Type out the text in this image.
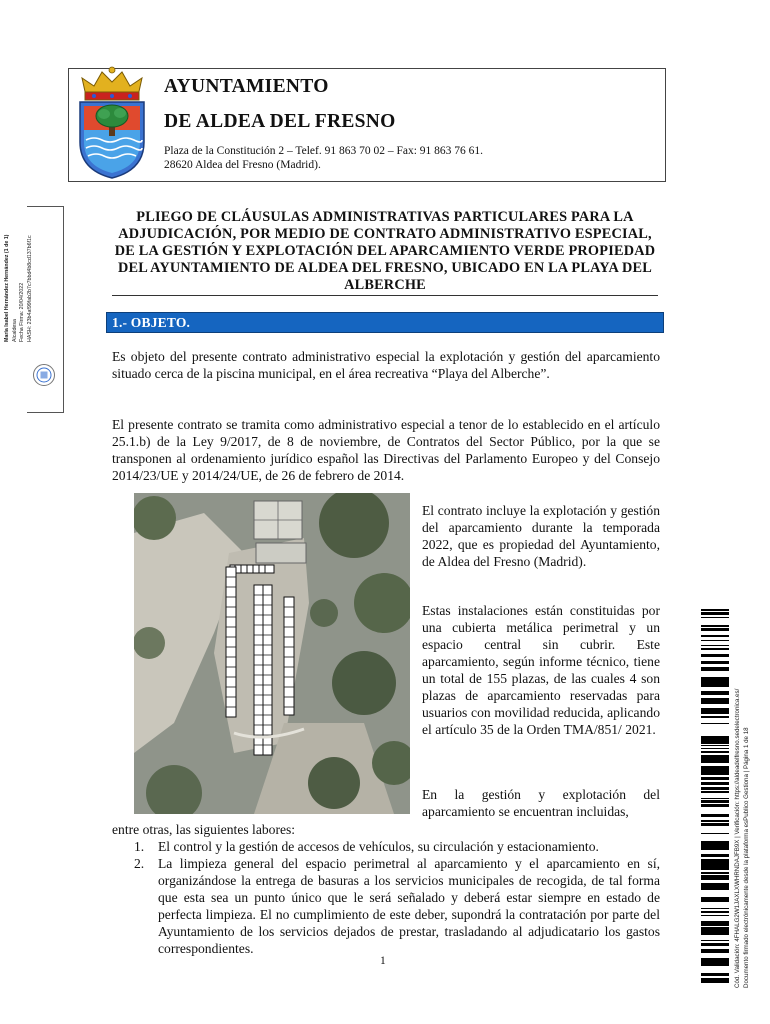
AYUNTAMIENTO
DE ALDEA DEL FRESNO
Plaza de la Constitución 2 – Telef. 91 863 70 02 – Fax: 91 863 76 61.
28620 Aldea del Fresno (Madrid).
María Isabel Hernández Hernández (1 de 1) Alcaldesa Fecha Firma: 20/04/2022 HASH: 23b4af99fab2b7c7bbd4b8cd137b6f1c
PLIEGO DE CLÁUSULAS ADMINISTRATIVAS PARTICULARES PARA LA ADJUDICACIÓN, POR MEDIO DE CONTRATO ADMINISTRATIVO ESPECIAL, DE LA GESTIÓN Y EXPLOTACIÓN DEL APARCAMIENTO VERDE PROPIEDAD DEL AYUNTAMIENTO DE ALDEA DEL FRESNO, UBICADO EN LA PLAYA DEL ALBERCHE
1.- OBJETO.
Es objeto del presente contrato administrativo especial la explotación y gestión del aparcamiento situado cerca de la piscina municipal, en el área recreativa “Playa del Alberche”.
El presente contrato se tramita como administrativo especial a tenor de lo establecido en el artículo 25.1.b) de la Ley 9/2017, de 8 de noviembre, de Contratos del Sector Público, por la que se transponen al ordenamiento jurídico español las Directivas del Parlamento Europeo y del Consejo 2014/23/UE y 2014/24/UE, de 26 de febrero de 2014.
El contrato incluye la explotación y gestión del aparcamiento durante la temporada 2022, que es propiedad del Ayuntamiento, de Aldea del Fresno (Madrid).
Estas instalaciones están constituidas por una cubierta metálica perimetral y un espacio central sin cubrir. Este aparcamiento, según informe técnico, tiene un total de 155 plazas, de las cuales 4 son plazas de aparcamiento reservadas para usuarios con movilidad reducida, aplicando el artículo 35 de la Orden TMA/851/ 2021.
En la gestión y explotación del aparcamiento se encuentran incluidas,
entre otras, las siguientes labores:
1. El control y la gestión de accesos de vehículos, su circulación y estacionamiento.
2. La limpieza general del espacio perimetral al aparcamiento y el aparcamiento en sí, organizándose la entrega de basuras a los servicios municipales de recogida, de tal forma que esta sea un punto único que le será señalado y deberá estar siempre en estado de perfecta limpieza. El no cumplimiento de este deber, supondrá la contratación por parte del Ayuntamiento de los servicios dejados de prestar, trasladando al adjudicatario los gastos correspondientes.
1	Cód. Validación: 4FHALG2W1JAXLXWHRNDAJFB9X | Verificación: https://aldeadelfresno.sedelectronica.es/ Documento firmado electrónicamente desde la plataforma esPublico Gestiona | Página 1 de 18
